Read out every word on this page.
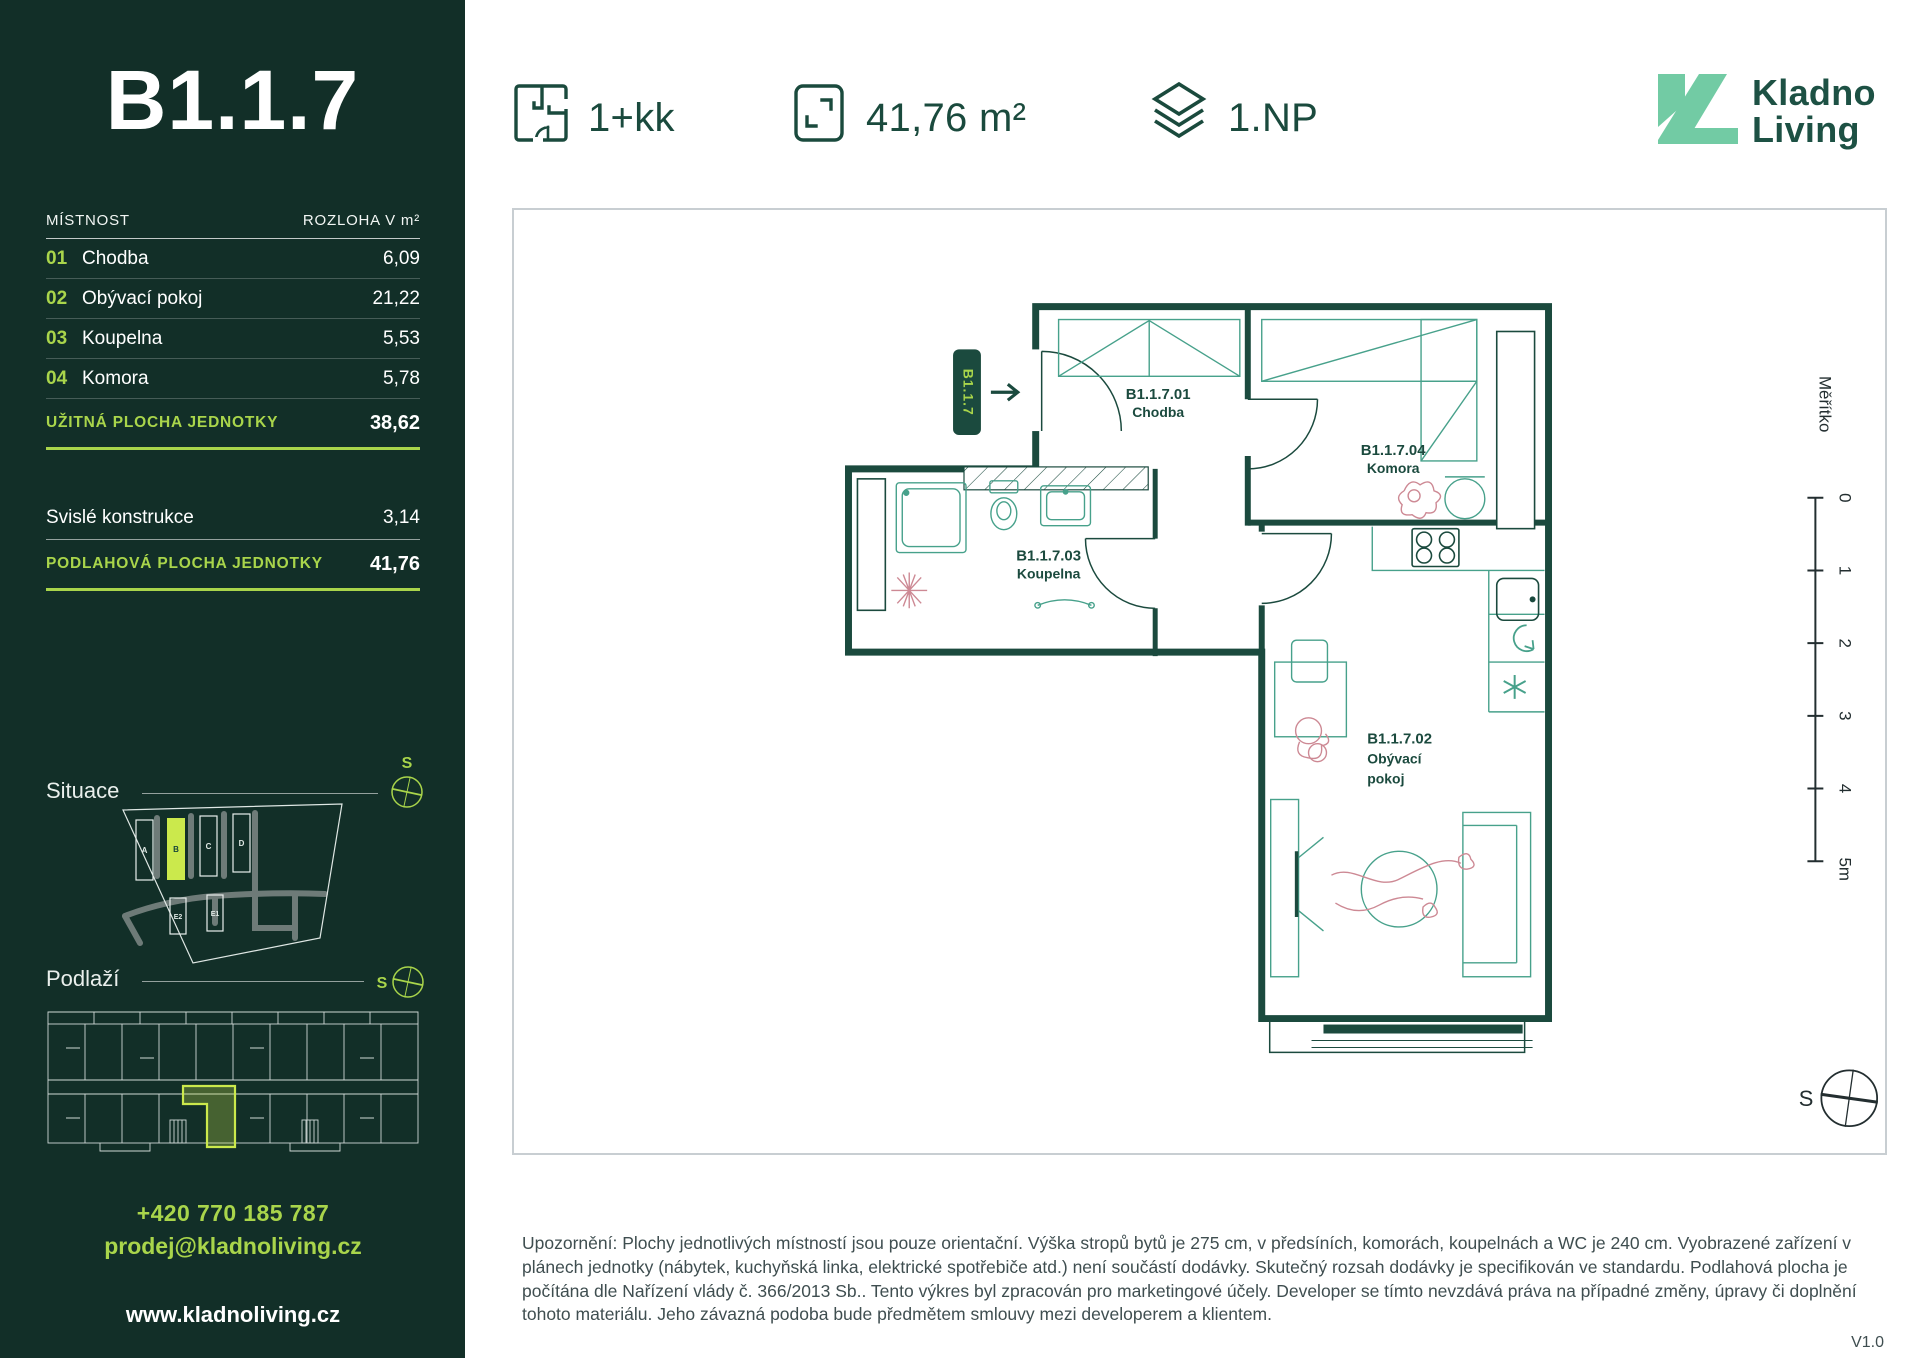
B1.1.7
MÍSTNOST	ROZLOHA V m²
01 Chodba	6,09
02 Obývací pokoj	21,22
03 Koupelna	5,53
04 Komora	5,78
UŽITNÁ PLOCHA JEDNOTKY	38,62
Svislé konstrukce	3,14
PODLAHOVÁ PLOCHA JEDNOTKY 41,76
Situace
S
A	B	C	D
E2	E1
Podlaží	S
+420 770 185 787
prodej@kladnoliving.cz
www.kladnoliving.cz
1+kk	41,76 m²	1.NP
Kladno
Living
B1.1.7	B1.1.7.01
Chodba
B1.1.7.04
Komora
B1.1.7.03
Koupelna
B1.1.7.02
Obývací
pokoj
Měřítko
0
1
2
3
4
5m
S
Upozornění: Plochy jednotlivých místností jsou pouze orientační. Výška stropů bytů je 275 cm, v předsíních, komorách, koupelnách a WC je 240 cm. Vyobrazené zařízení v plánech jednotky (nábytek, kuchyňská linka, elektrické spotřebiče atd.) není součástí dodávky. Skutečný rozsah dodávky je specifikován ve standardu. Podlahová plocha je počítána dle Nařízení vlády č. 366/2013 Sb.. Tento výkres byl zpracován pro marketingové účely. Developer se tímto nevzdává práva na případné změny, úpravy či doplnění tohoto materiálu. Jeho závazná podoba bude předmětem smlouvy mezi developerem a klientem.
V1.0
